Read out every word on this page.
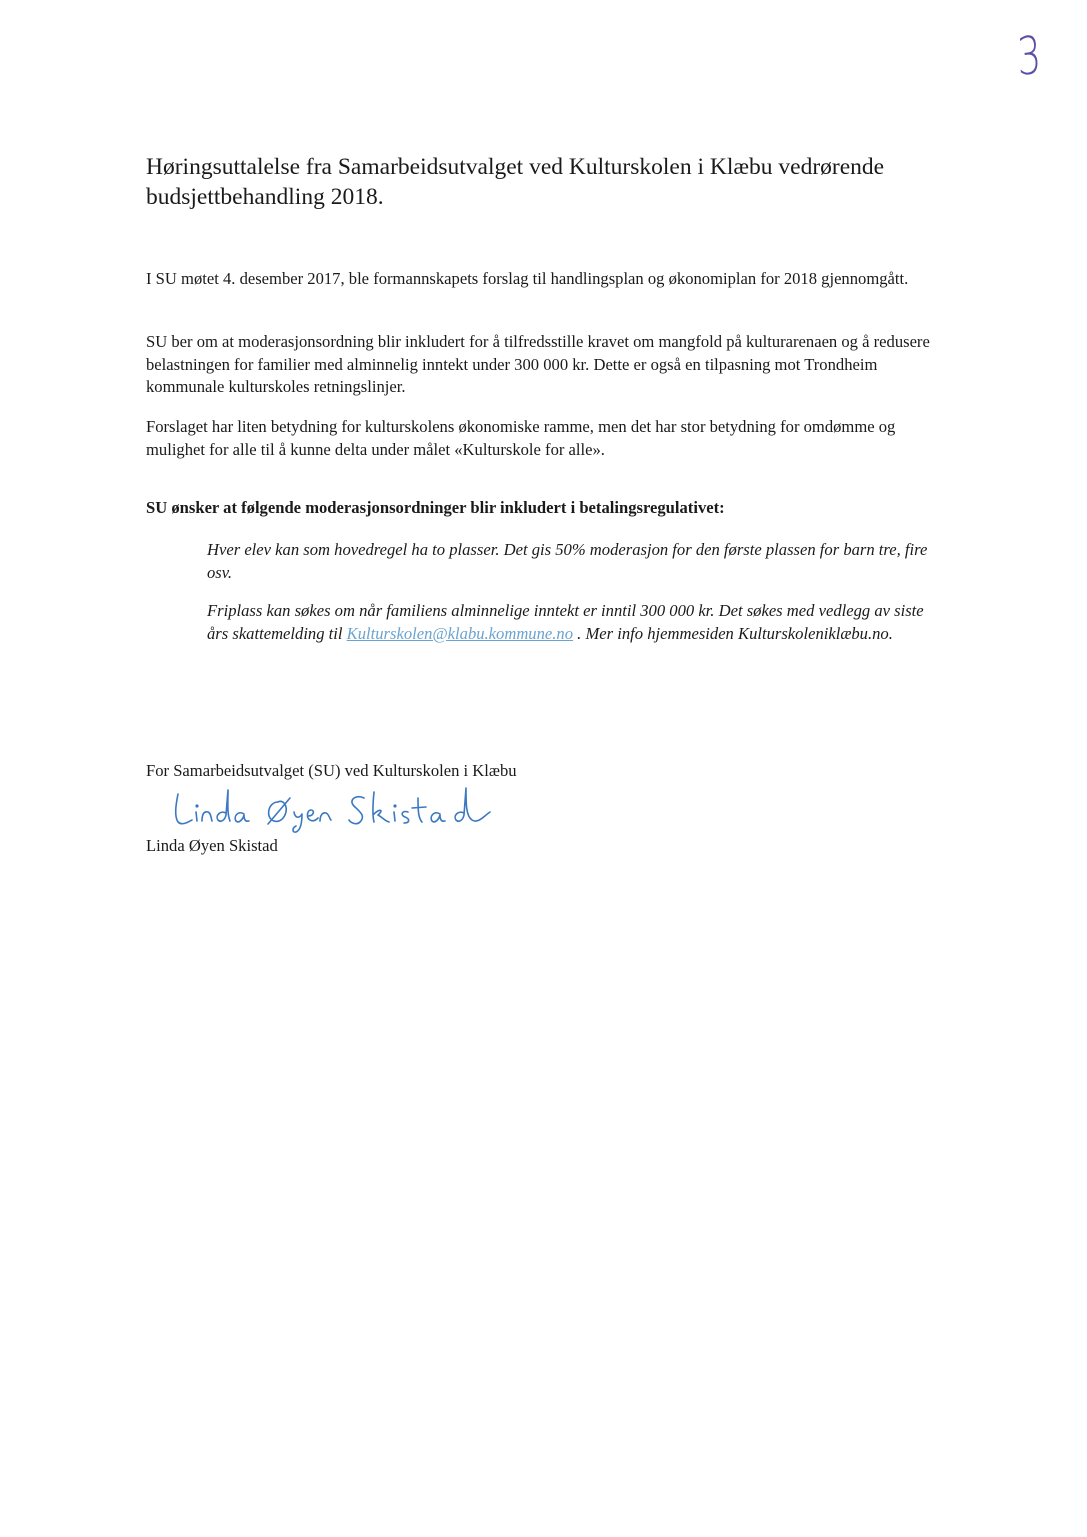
3
Høringsuttalelse fra Samarbeidsutvalget ved Kulturskolen i Klæbu vedrørende budsjettbehandling 2018.

I SU møtet 4. desember 2017, ble formannskapets forslag til handlingsplan og økonomiplan for 2018 gjennomgått.

SU ber om at moderasjonsordning blir inkludert for å tilfredsstille kravet om mangfold på kulturarenaen og å redusere belastningen for familier med alminnelig inntekt under 300 000 kr. Dette er også en tilpasning mot Trondheim kommunale kulturskoles retningslinjer.

Forslaget har liten betydning for kulturskolens økonomiske ramme, men det har stor betydning for omdømme og mulighet for alle til å kunne delta under målet «Kulturskole for alle».

SU ønsker at følgende moderasjonsordninger blir inkludert i betalingsregulativet:

Hver elev kan som hovedregel ha to plasser. Det gis 50% moderasjon for den første plassen for barn tre, fire osv.

Friplass kan søkes om når familiens alminnelige inntekt er inntil 300 000 kr. Det søkes med vedlegg av siste års skattemelding til Kulturskolen@klabu.kommune.no . Mer info hjemmesiden Kulturskoleniklæbu.no.

For Samarbeidsutvalget (SU) ved Kulturskolen i Klæbu
Linda Øyen Skistad
